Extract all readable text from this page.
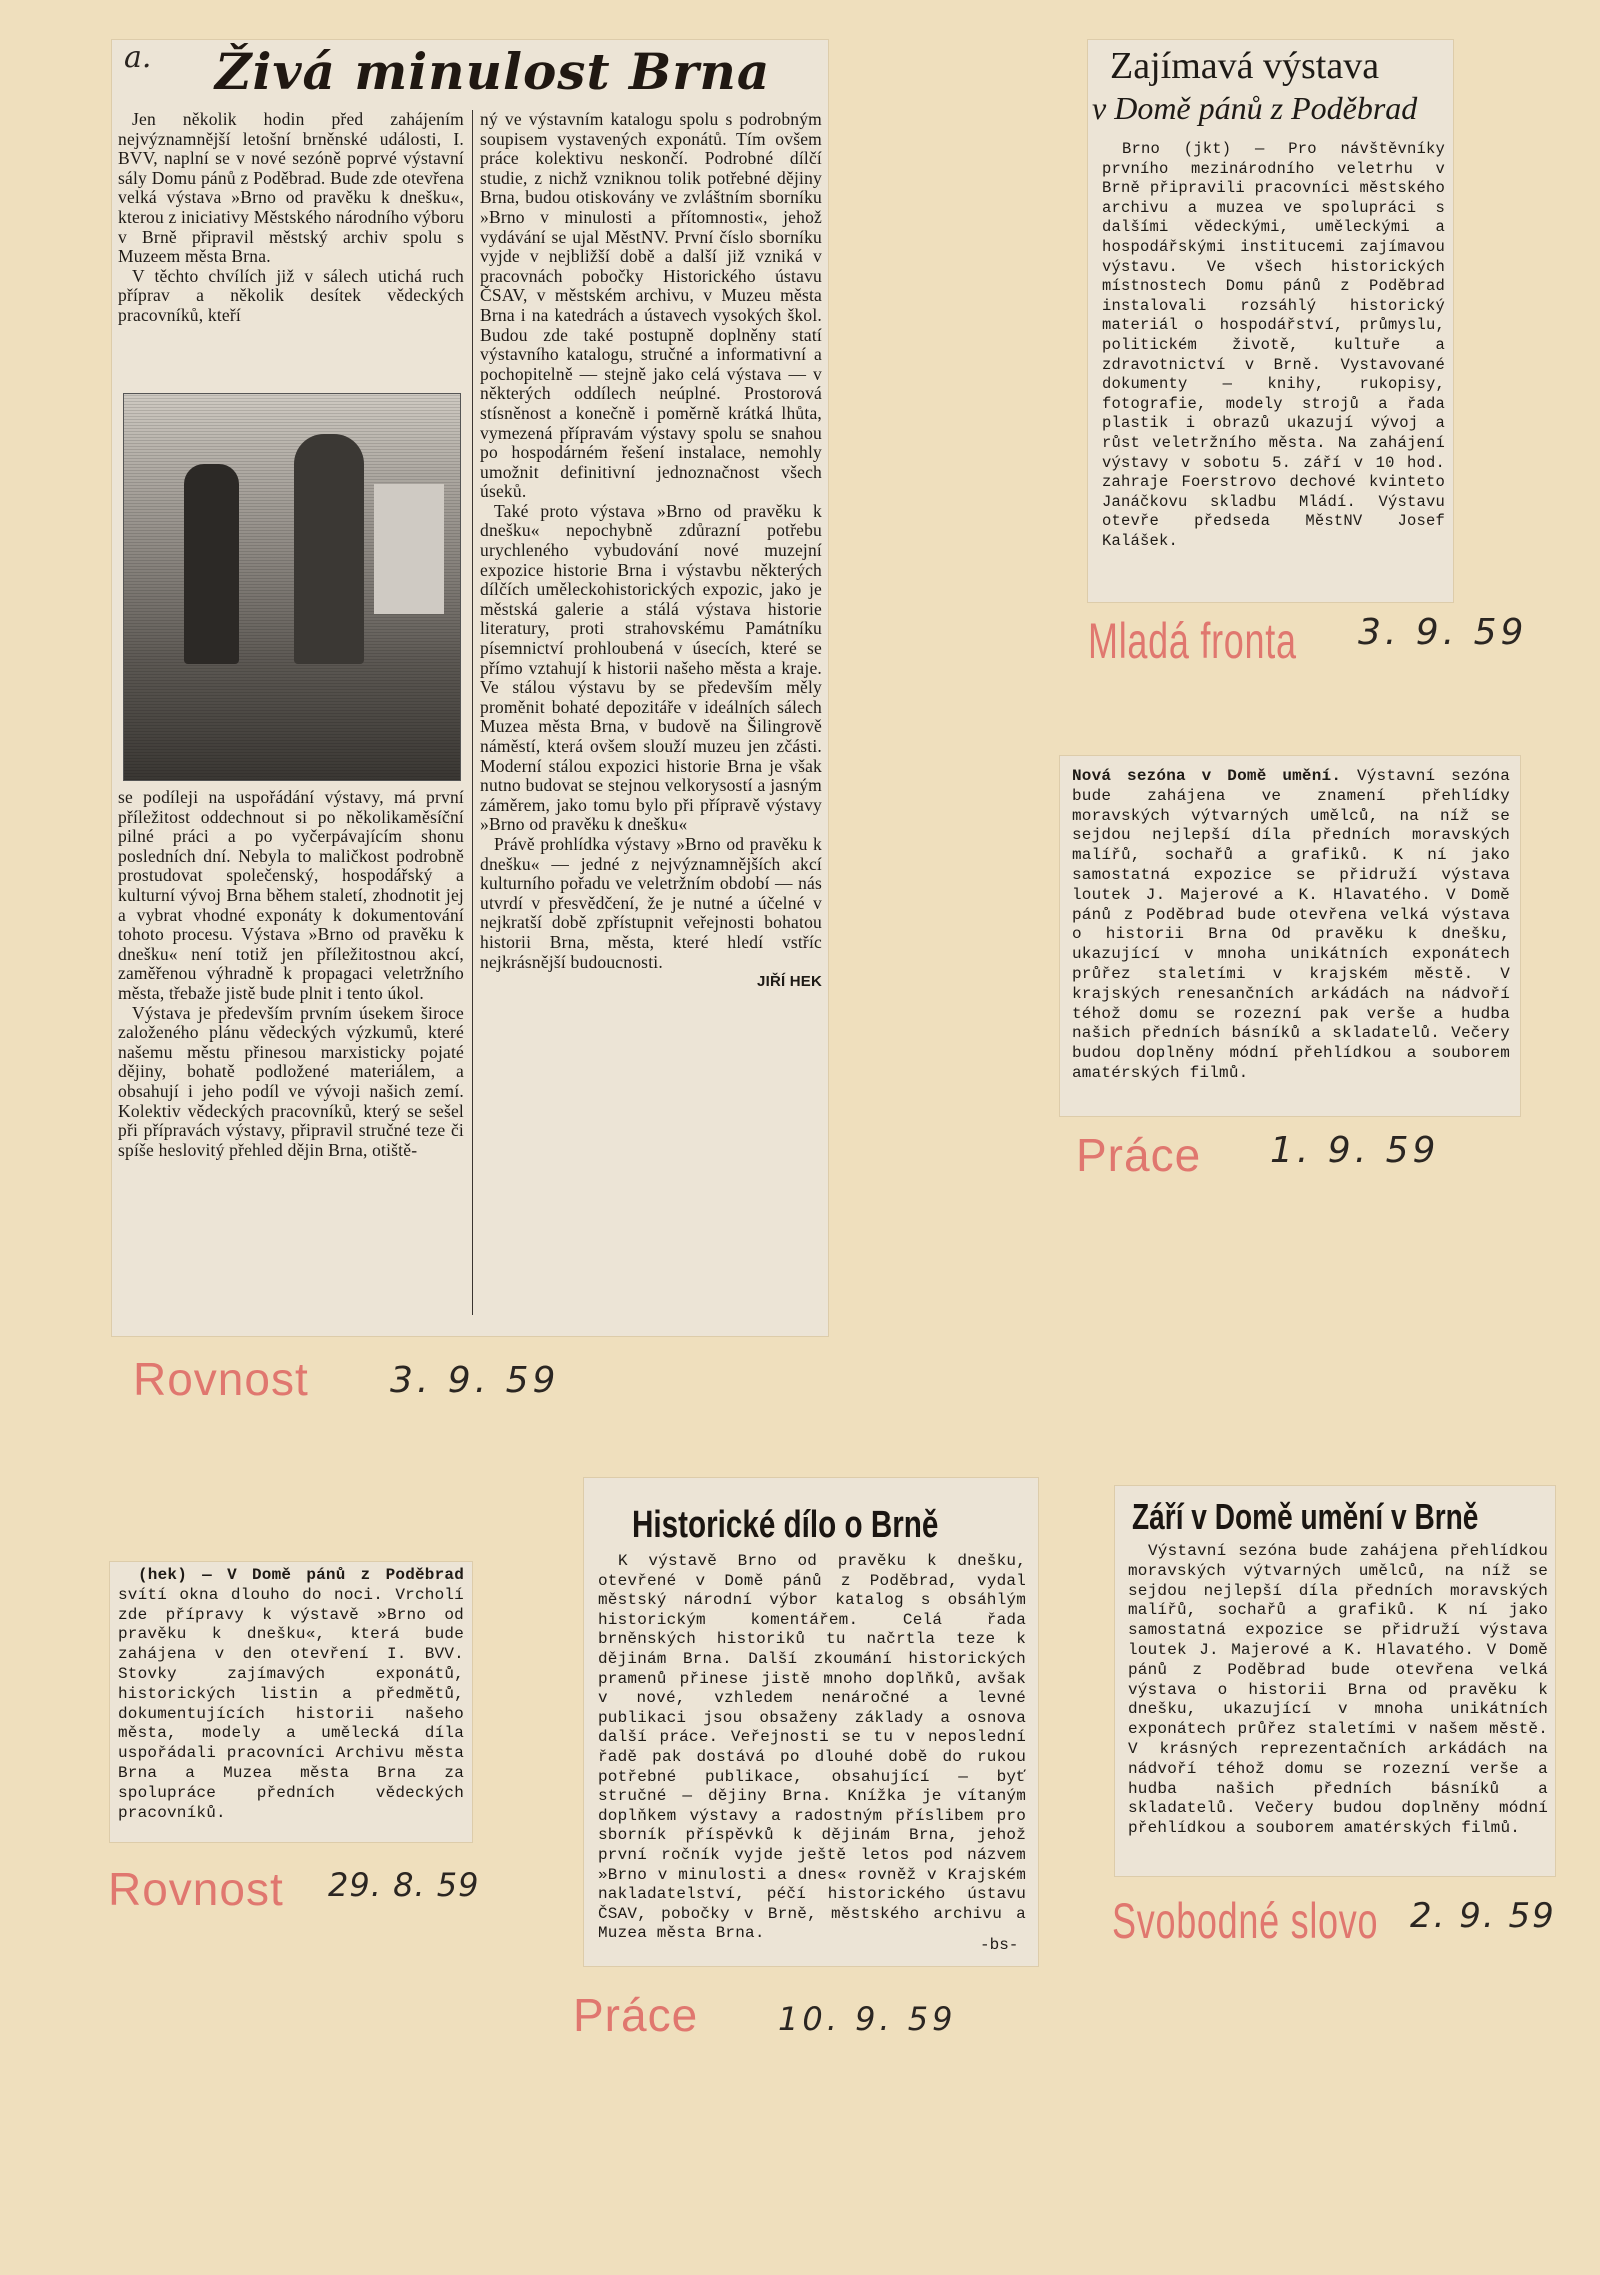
a. Živá minulost Brna

Jen několik hodin před zahájením nejvýznamnější letošní brněnské události, I. BVV, naplní se v nové sezóně poprvé výstavní sály Domu pánů z Poděbrad. Bude zde otevřena velká výstava »Brno od pravěku k dnešku«, kterou z iniciativy Městského národního výboru v Brně připravil městský archiv spolu s Muzeem města Brna.

V těchto chvílích již v sálech utichá ruch příprav a několik desítek vědeckých pracovníků, kteří

se podíleji na uspořádání výstavy, má první příležitost oddechnout si po několikaměsíční pilné práci a po vyčerpávajícím shonu posledních dní. Nebyla to maličkost podrobně prostudovat společenský, hospodářský a kulturní vývoj Brna během staletí, zhodnotit jej a vybrat vhodné exponáty k dokumentování tohoto procesu. Výstava »Brno od pravěku k dnešku« není totiž jen příležitostnou akcí, zaměřenou výhradně k propagaci veletržního města, třebaže jistě bude plnit i tento úkol.

Výstava je především prvním úsekem široce založeného plánu vědeckých výzkumů, které našemu městu přinesou marxisticky pojaté dějiny, bohatě podložené materiálem, a obsahují i jeho podíl ve vývoji našich zemí. Kolektiv vědeckých pracovníků, který se sešel při přípravách výstavy, připravil stručné teze či spíše heslovitý přehled dějin Brna, otiště-

ný ve výstavním katalogu spolu s podrobným soupisem vystavených exponátů. Tím ovšem práce kolektivu neskončí. Podrobné dílčí studie, z nichž vzniknou tolik potřebné dějiny Brna, budou otiskovány ve zvláštním sborníku »Brno v minulosti a přítomnosti«, jehož vydávání se ujal MěstNV. První číslo sborníku vyjde v nejbližší době a další již vzniká v pracovnách pobočky Historického ústavu ČSAV, v městském archivu, v Muzeu města Brna i na katedrách a ústavech vysokých škol. Budou zde také postupně doplněny statí výstavního katalogu, stručné a informativní a pochopitelně — stejně jako celá výstava — v některých oddílech neúplné. Prostorová stísněnost a konečně i poměrně krátká lhůta, vymezená přípravám výstavy spolu se snahou po hospodárném řešení instalace, nemohly umožnit definitivní jednoznačnost všech úseků.

Také proto výstava »Brno od pravěku k dnešku« nepochybně zdůrazní potřebu urychleného vybudování nové muzejní expozice historie Brna i výstavbu některých dílčích uměleckohistorických expozic, jako je městská galerie a stálá výstava historie literatury, proti strahovskému Památníku písemnictví prohloubená v úsecích, které se přímo vztahují k historii našeho města a kraje. Ve stálou výstavu by se především měly proměnit bohaté depozitáře v ideálních sálech Muzea města Brna, v budově na Šilingrově náměstí, která ovšem slouží muzeu jen zčásti. Moderní stálou expozici historie Brna je však nutno budovat se stejnou velkorysostí a jasným záměrem, jako tomu bylo při přípravě výstavy »Brno od pravěku k dnešku«

Právě prohlídka výstavy »Brno od pravěku k dnešku« — jedné z nejvýznamnějších akcí kulturního pořadu ve veletržním období — nás utvrdí v přesvědčení, že je nutné a účelné v nejkratší době zpřístupnit veřejnosti bohatou historii Brna, města, které hledí vstříc nejkrásnější budoucnosti.

JIŘÍ HEK
Rovnost 3. 9. 59
Zajímavá výstava
v Domě pánů z Poděbrad
Brno (jkt) — Pro návštěvníky prvního mezinárodního veletrhu v Brně připravili pracovníci městského archivu a muzea ve spolupráci s dalšími vědeckými, uměleckými a hospodářskými institucemi zajímavou výstavu. Ve všech historických místnostech Domu pánů z Poděbrad instalovali rozsáhlý historický materiál o hospodářství, průmyslu, politickém životě, kultuře a zdravotnictví v Brně. Vystavované dokumenty — knihy, rukopisy, fotografie, modely strojů a řada plastik i obrazů ukazují vývoj a růst veletržního města. Na zahájení výstavy v sobotu 5. září v 10 hod. zahraje Foerstrovo dechové kvinteto Janáčkovu skladbu Mládí. Výstavu otevře předseda MěstNV Josef Kalášek.
Mladá fronta 3. 9. 59
Nová sezóna v Domě umění. Výstavní sezóna bude zahájena ve znamení přehlídky moravských výtvarných umělců, na níž se sejdou nejlepší díla předních moravských malířů, sochařů a grafiků. K ní jako samostatná expozice se přidruží výstava loutek J. Majerové a K. Hlavatého. V Domě pánů z Poděbrad bude otevřena velká výstava o historii Brna Od pravěku k dnešku, ukazující v mnoha unikátních exponátech průřez staletími v krajském městě. V krajských renesančních arkádách na nádvoří téhož domu se rozezní pak verše a hudba našich předních básníků a skladatelů. Večery budou doplněny módní přehlídkou a souborem amatérských filmů.
Práce 1. 9. 59
(hek) — V Domě pánů z Poděbrad svítí okna dlouho do noci. Vrcholí zde přípravy k výstavě »Brno od pravěku k dnešku«, která bude zahájena v den otevření I. BVV. Stovky zajímavých exponátů, historických listin a předmětů, dokumentujících historii našeho města, modely a umělecká díla uspořádali pracovníci Archivu města Brna a Muzea města Brna za spolupráce předních vědeckých pracovníků.
Rovnost 29. 8. 59
Historické dílo o Brně
K výstavě Brno od pravěku k dnešku, otevřené v Domě pánů z Poděbrad, vydal městský národní výbor katalog s obsáhlým historickým komentářem. Celá řada brněnských historiků tu načrtla teze k dějinám Brna. Další zkoumání historických pramenů přinese jistě mnoho doplňků, avšak v nové, vzhledem nenáročné a levné publikaci jsou obsaženy základy a osnova další práce. Veřejnosti se tu v neposlední řadě pak dostává po dlouhé době do rukou potřebné publikace, obsahující — byť stručné — dějiny Brna. Knížka je vítaným doplňkem výstavy a radostným příslibem pro sborník příspěvků k dějinám Brna, jehož první ročník vyjde ještě letos pod názvem »Brno v minulosti a dnes« rovněž v Krajském nakladatelství, péčí historického ústavu ČSAV, pobočky v Brně, městského archivu a Muzea města Brna.
-bs-
Práce 10. 9. 59
Září v Domě umění v Brně
Výstavní sezóna bude zahájena přehlídkou moravských výtvarných umělců, na níž se sejdou nejlepší díla předních moravských malířů, sochařů a grafiků. K ní jako samostatná expozice se přidruží výstava loutek J. Majerové a K. Hlavatého. V Domě pánů z Poděbrad bude otevřena velká výstava o historii Brna od pravěku k dnešku, ukazující v mnoha unikátních exponátech průřez staletími v našem městě. V krásných reprezentačních arkádách na nádvoří téhož domu se rozezní verše a hudba našich předních básníků a skladatelů. Večery budou doplněny módní přehlídkou a souborem amatérských filmů.
Svobodné slovo 2. 9. 59
